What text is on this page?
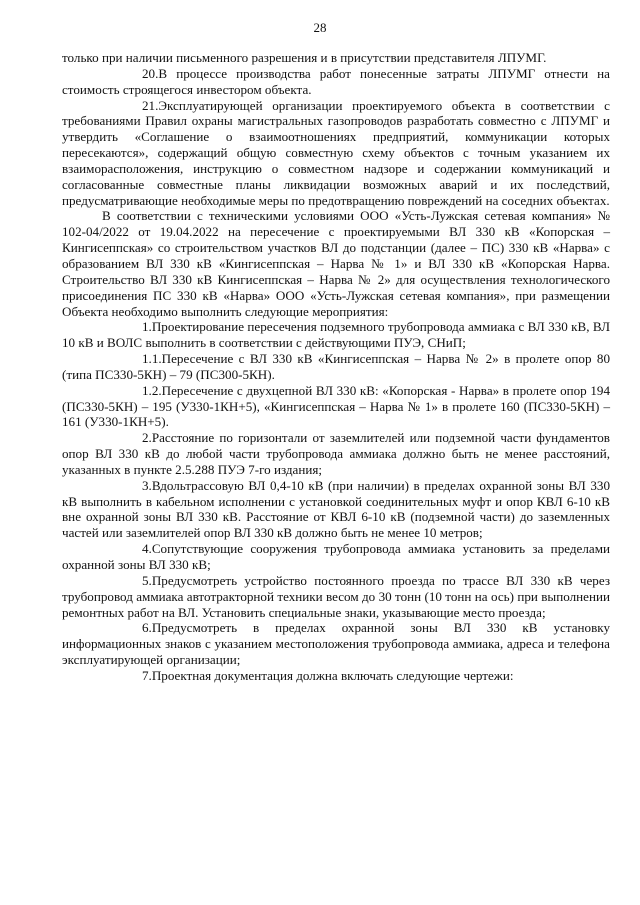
28

только при наличии письменного разрешения и в присутствии представителя ЛПУМГ.

20.В процессе производства работ понесенные затраты ЛПУМГ отнести на стоимость строящегося инвестором объекта.

21.Эксплуатирующей организации проектируемого объекта в соответствии с требованиями Правил охраны магистральных газопроводов разработать совместно с ЛПУМГ и утвердить «Соглашение о взаимоотношениях предприятий, коммуникации которых пересекаются», содержащий общую совместную схему объектов с точным указанием их взаиморасположения, инструкцию о совместном надзоре и содержании коммуникаций и согласованные совместные планы ликвидации возможных аварий и их последствий, предусматривающие необходимые меры по предотвращению повреждений на соседних объектах.

В соответствии с техническими условиями ООО «Усть-Лужская сетевая компания» № 102-04/2022 от 19.04.2022 на пересечение с проектируемыми ВЛ 330 кВ «Копорская – Кингисеппская» со строительством участков ВЛ до подстанции (далее – ПС) 330 кВ «Нарва» с образованием ВЛ 330 кВ «Кингисеппская – Нарва № 1» и ВЛ 330 кВ «Копорская Нарва. Строительство ВЛ 330 кВ Кингисеппская – Нарва № 2» для осуществления технологического присоединения ПС 330 кВ «Нарва» ООО «Усть-Лужская сетевая компания», при размещении Объекта необходимо выполнить следующие мероприятия:

1.Проектирование пересечения подземного трубопровода аммиака с ВЛ 330 кВ, ВЛ 10 кВ и ВОЛС выполнить в соответствии с действующими ПУЭ, СНиП;

1.1.Пересечение с ВЛ 330 кВ «Кингисеппская – Нарва № 2» в пролете опор 80 (типа ПС330-5КН) – 79 (ПС300-5КН).

1.2.Пересечение с двухцепной ВЛ 330 кВ: «Копорская - Нарва» в пролете опор 194 (ПС330-5КН) – 195 (У330-1КН+5), «Кингисеппская – Нарва № 1» в пролете 160 (ПС330-5КН) – 161 (У330-1КН+5).

2.Расстояние по горизонтали от заземлителей или подземной части фундаментов опор ВЛ 330 кВ до любой части трубопровода аммиака должно быть не менее расстояний, указанных в пункте 2.5.288 ПУЭ 7-го издания;

3.Вдольтрассовую ВЛ 0,4-10 кВ (при наличии) в пределах охранной зоны ВЛ 330 кВ выполнить в кабельном исполнении с установкой соединительных муфт и опор КВЛ 6-10 кВ вне охранной зоны ВЛ 330 кВ. Расстояние от КВЛ 6-10 кВ (подземной части) до заземленных частей или заземлителей опор ВЛ 330 кВ должно быть не менее 10 метров;

4.Сопутствующие сооружения трубопровода аммиака установить за пределами охранной зоны ВЛ 330 кВ;

5.Предусмотреть устройство постоянного проезда по трассе ВЛ 330 кВ через трубопровод аммиака автотракторной техники весом до 30 тонн (10 тонн на ось) при выполнении ремонтных работ на ВЛ. Установить специальные знаки, указывающие место проезда;

6.Предусмотреть в пределах охранной зоны ВЛ 330 кВ установку информационных знаков с указанием местоположения трубопровода аммиака, адреса и телефона эксплуатирующей организации;

7.Проектная документация должна включать следующие чертежи:
